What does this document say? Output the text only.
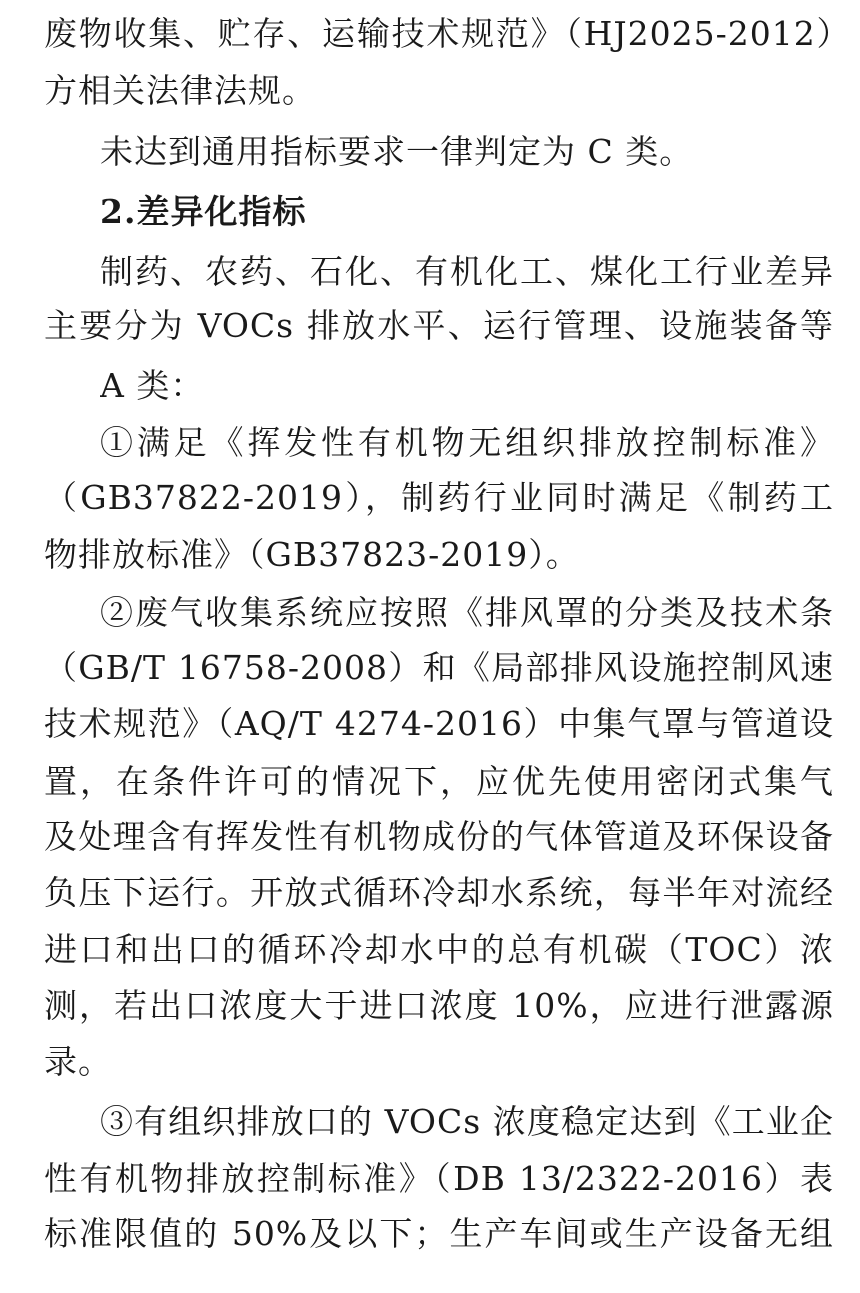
废物收集、贮存、运输技术规范》（HJ2025-2012）
方相关法律法规。
未达到通用指标要求一律判定为 C 类。
2.差异化指标
制药、农药、石化、有机化工、煤化工行业差异
主要分为 VOCs 排放水平、运行管理、设施装备等
A 类：
①满足《挥发性有机物无组织排放控制标准》
（GB37822-2019），制药行业同时满足《制药工
物排放标准》（GB37823-2019）。
②废气收集系统应按照《排风罩的分类及技术条
（GB/T 16758-2008）和《局部排风设施控制风速
技术规范》（AQ/T 4274-2016）中集气罩与管道设
置，在条件许可的情况下，应优先使用密闭式集气
及处理含有挥发性有机物成份的气体管道及环保设备
负压下运行。开放式循环冷却水系统，每半年对流经
进口和出口的循环冷却水中的总有机碳（TOC）浓
测，若出口浓度大于进口浓度 10%，应进行泄露源
录。
③有组织排放口的 VOCs 浓度稳定达到《工业企
性有机物排放控制标准》（DB 13/2322-2016）表
标准限值的 50%及以下；生产车间或生产设备无组
